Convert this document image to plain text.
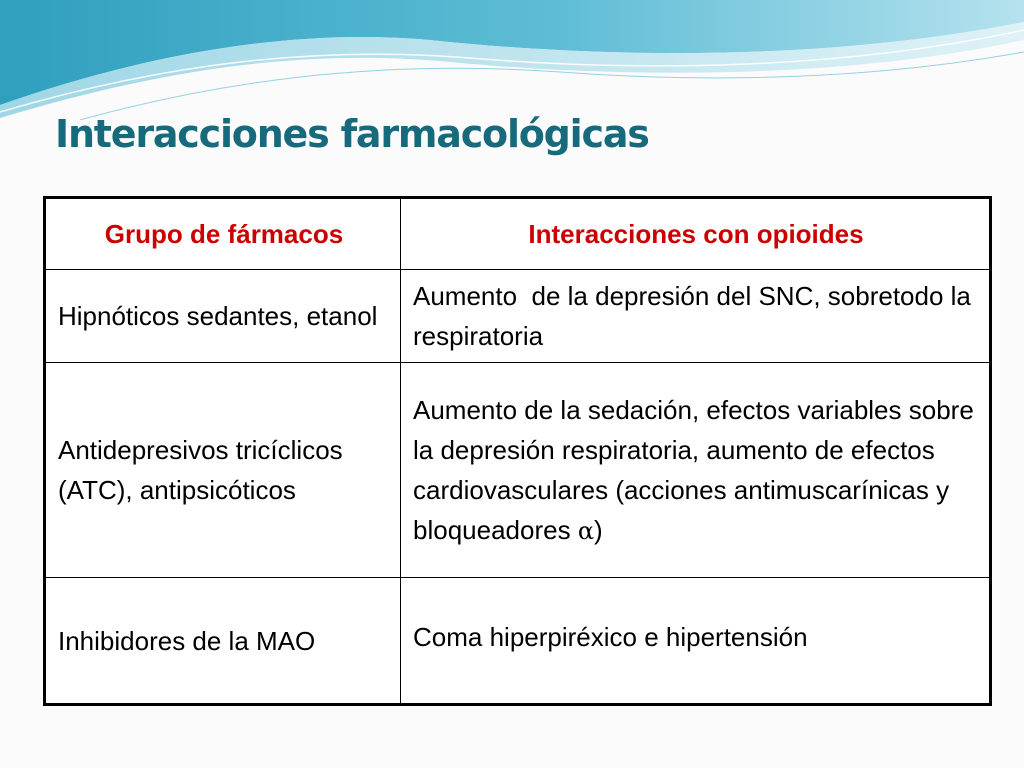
Interacciones farmacológicas
Grupo de fármacos	Interacciones con opioides
Hipnóticos sedantes, etanol	Aumento  de la depresión del SNC, sobretodo la respiratoria
Antidepresivos tricíclicos (ATC), antipsicóticos	Aumento de la sedación, efectos variables sobre la depresión respiratoria, aumento de efectos cardiovasculares (acciones antimuscarínicas y bloqueadores α)
Inhibidores de la MAO	Coma hiperpiréxico e hipertensión
